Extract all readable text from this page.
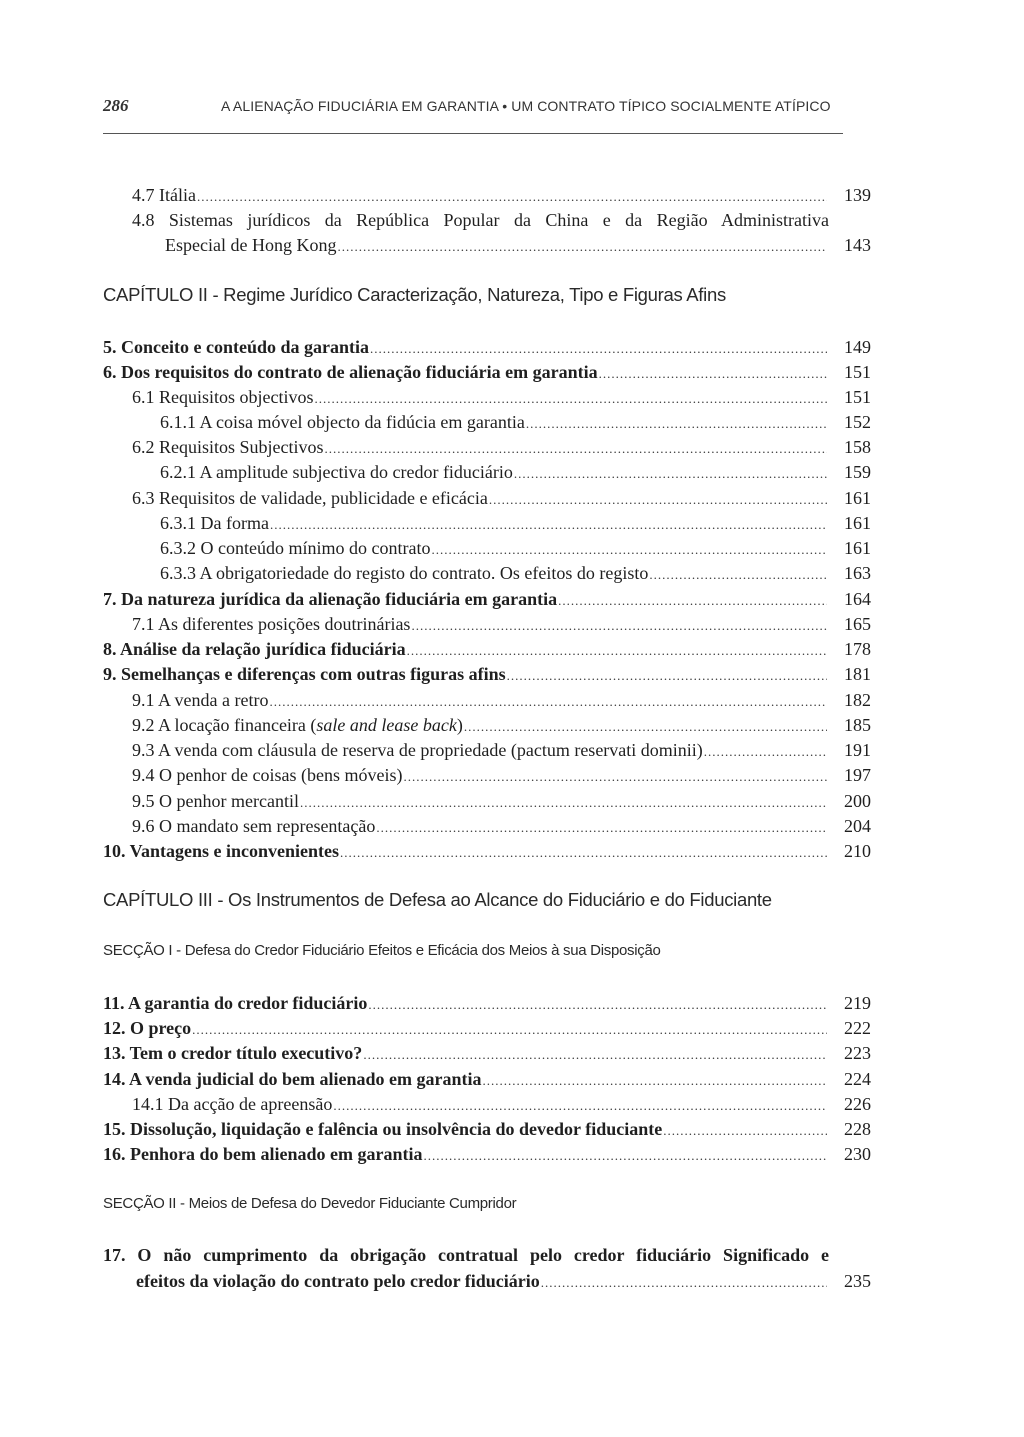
286	A ALIENAÇÃO FIDUCIÁRIA EM GARANTIA • UM CONTRATO TÍPICO SOCIALMENTE ATÍPICO
4.7 Itália .....	139
4.8 Sistemas jurídicos da República Popular da China e da Região Administrativa
Especial de Hong Kong .....	143
CAPÍTULO II - Regime Jurídico Caracterização, Natureza, Tipo e Figuras Afins
5. Conceito e conteúdo da garantia .....	149
6. Dos requisitos do contrato de alienação fiduciária em garantia .....	151
6.1 Requisitos objectivos .....	151
6.1.1 A coisa móvel objecto da fidúcia em garantia .....	152
6.2 Requisitos Subjectivos .....	158
6.2.1 A amplitude subjectiva do credor fiduciário .....	159
6.3 Requisitos de validade, publicidade e eficácia .....	161
6.3.1 Da forma .....	161
6.3.2 O conteúdo mínimo do contrato .....	161
6.3.3 A obrigatoriedade do registo do contrato. Os efeitos do registo .....	163
7. Da natureza jurídica da alienação fiduciária em garantia .....	164
7.1 As diferentes posições doutrinárias .....	165
8. Análise da relação jurídica fiduciária .....	178
9. Semelhanças e diferenças com outras figuras afins .....	181
9.1 A venda a retro .....	182
9.2 A locação financeira (sale and lease back) .....	185
9.3 A venda com cláusula de reserva de propriedade (pactum reservati dominii) .....	191
9.4 O penhor de coisas (bens móveis) .....	197
9.5 O penhor mercantil .....	200
9.6 O mandato sem representação .....	204
10. Vantagens e inconvenientes .....	210
CAPÍTULO III - Os Instrumentos de Defesa ao Alcance do Fiduciário e do Fiduciante
SECÇÃO I - Defesa do Credor Fiduciário Efeitos e Eficácia dos Meios à sua Disposição
11. A garantia do credor fiduciário .....	219
12. O preço .....	222
13. Tem o credor título executivo? .....	223
14. A venda judicial do bem alienado em garantia .....	224
14.1 Da acção de apreensão .....	226
15. Dissolução, liquidação e falência ou insolvência do devedor fiduciante .....	228
16. Penhora do bem alienado em garantia .....	230
SECÇÃO II - Meios de Defesa do Devedor Fiduciante Cumpridor
17. O não cumprimento da obrigação contratual pelo credor fiduciário Significado e
efeitos da violação do contrato pelo credor fiduciário .....	235
